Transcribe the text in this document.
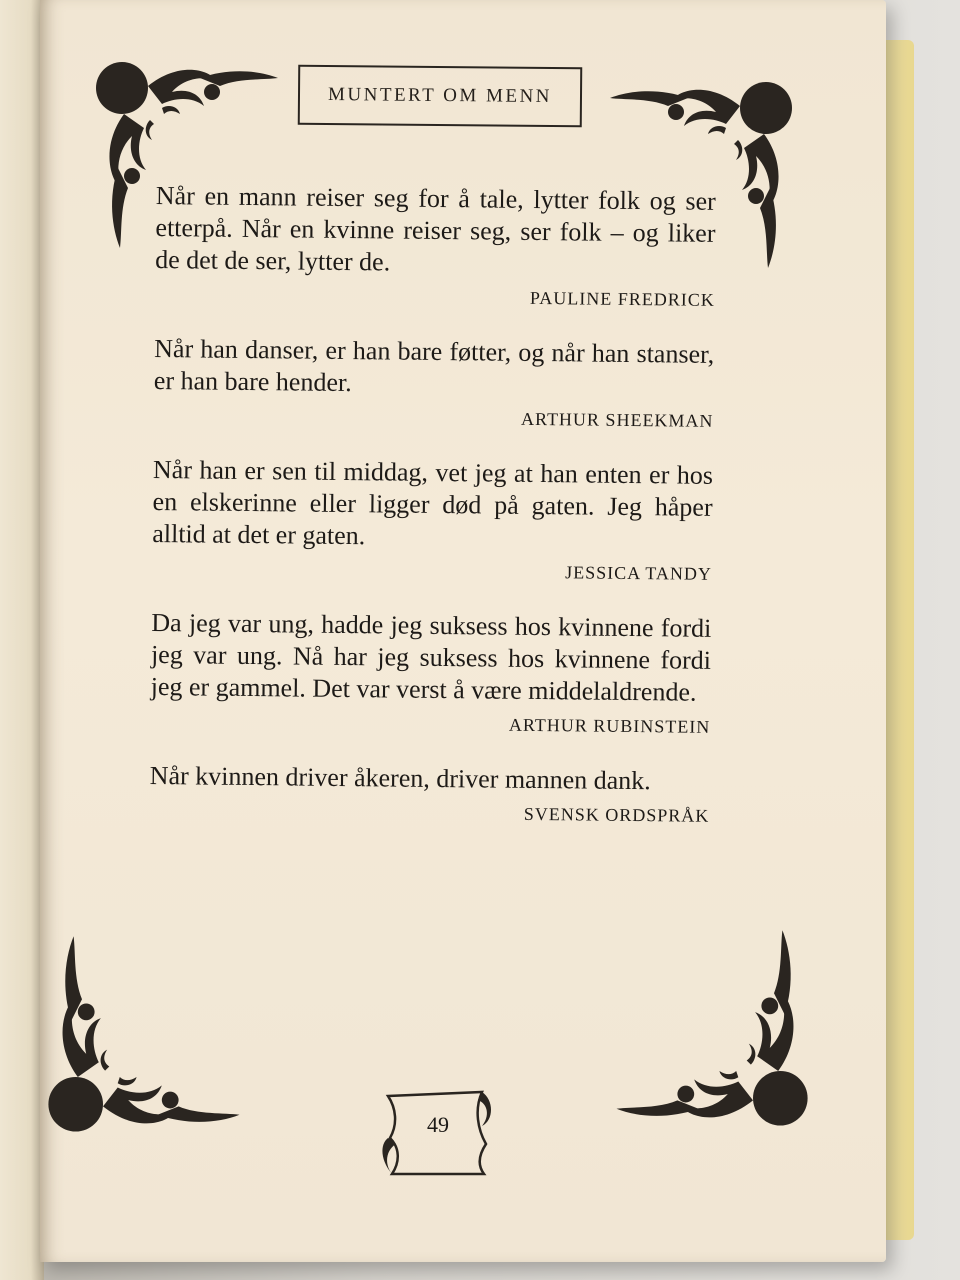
MUNTERT OM MENN

Når en mann reiser seg for å tale, lytter folk og ser etterpå. Når en kvinne reiser seg, ser folk – og liker de det de ser, lytter de.

PAULINE FREDRICK

Når han danser, er han bare føtter, og når han stanser, er han bare hender.

ARTHUR SHEEKMAN

Når han er sen til middag, vet jeg at han enten er hos en elskerinne eller ligger død på gaten. Jeg håper alltid at det er gaten.

JESSICA TANDY

Da jeg var ung, hadde jeg suksess hos kvinnene fordi jeg var ung. Nå har jeg suksess hos kvinnene fordi jeg er gammel. Det var verst å være middelaldrende.

ARTHUR RUBINSTEIN

Når kvinnen driver åkeren, driver mannen dank.

SVENSK ORDSPRÅK
49
